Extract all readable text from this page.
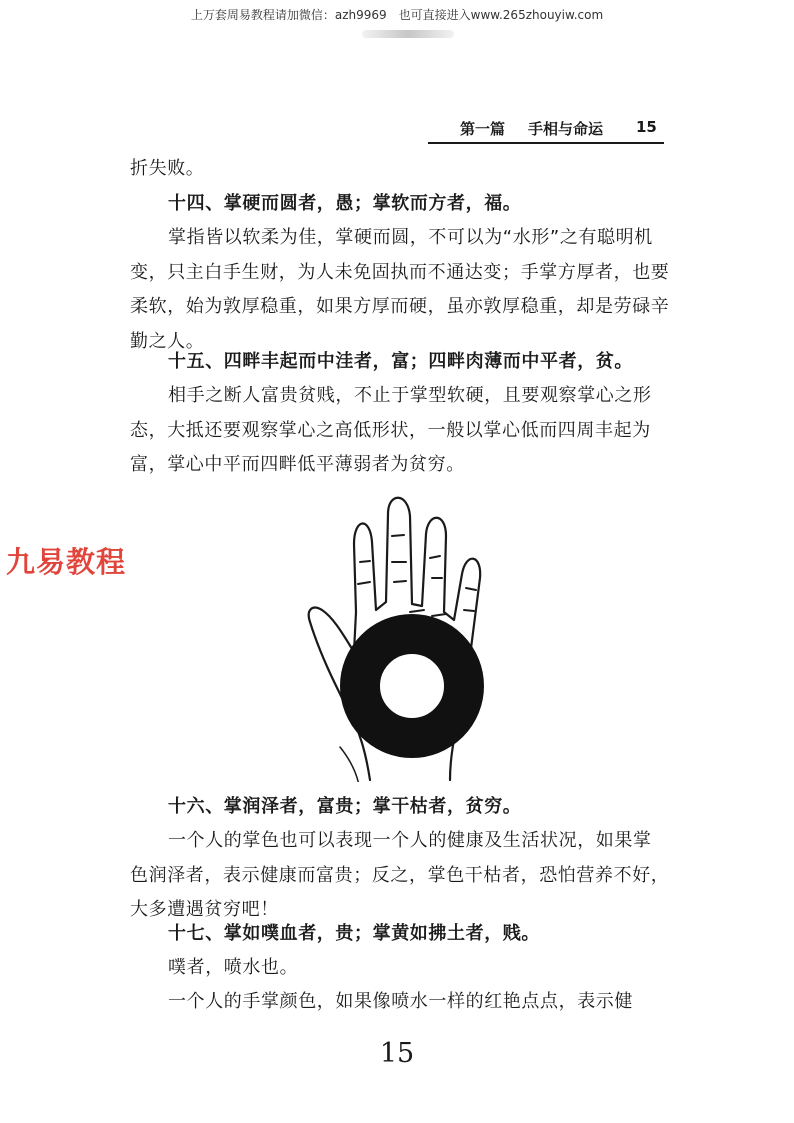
上万套周易教程请加微信：azh9969　也可直接进入www.265zhouyiw.com
第一篇 手相与命运 15

折失败。

十四、掌硬而圆者，愚；掌软而方者，福。

掌指皆以软柔为佳，掌硬而圆，不可以为“水形”之有聪明机变，只主白手生财，为人未免固执而不通达变；手掌方厚者，也要柔软，始为敦厚稳重，如果方厚而硬，虽亦敦厚稳重，却是劳碌辛勤之人。

十五、四畔丰起而中洼者，富；四畔肉薄而中平者，贫。

相手之断人富贵贫贱，不止于掌型软硬，且要观察掌心之形态，大抵还要观察掌心之高低形状，一般以掌心低而四周丰起为富，掌心中平而四畔低平薄弱者为贫穷。

九易教程

十六、掌润泽者，富贵；掌干枯者，贫穷。

一个人的掌色也可以表现一个人的健康及生活状况，如果掌色润泽者，表示健康而富贵；反之，掌色干枯者，恐怕营养不好，大多遭遇贫穷吧！

十七、掌如噗血者，贵；掌黄如拂土者，贱。

噗者，喷水也。

一个人的手掌颜色，如果像喷水一样的红艳点点，表示健

15
